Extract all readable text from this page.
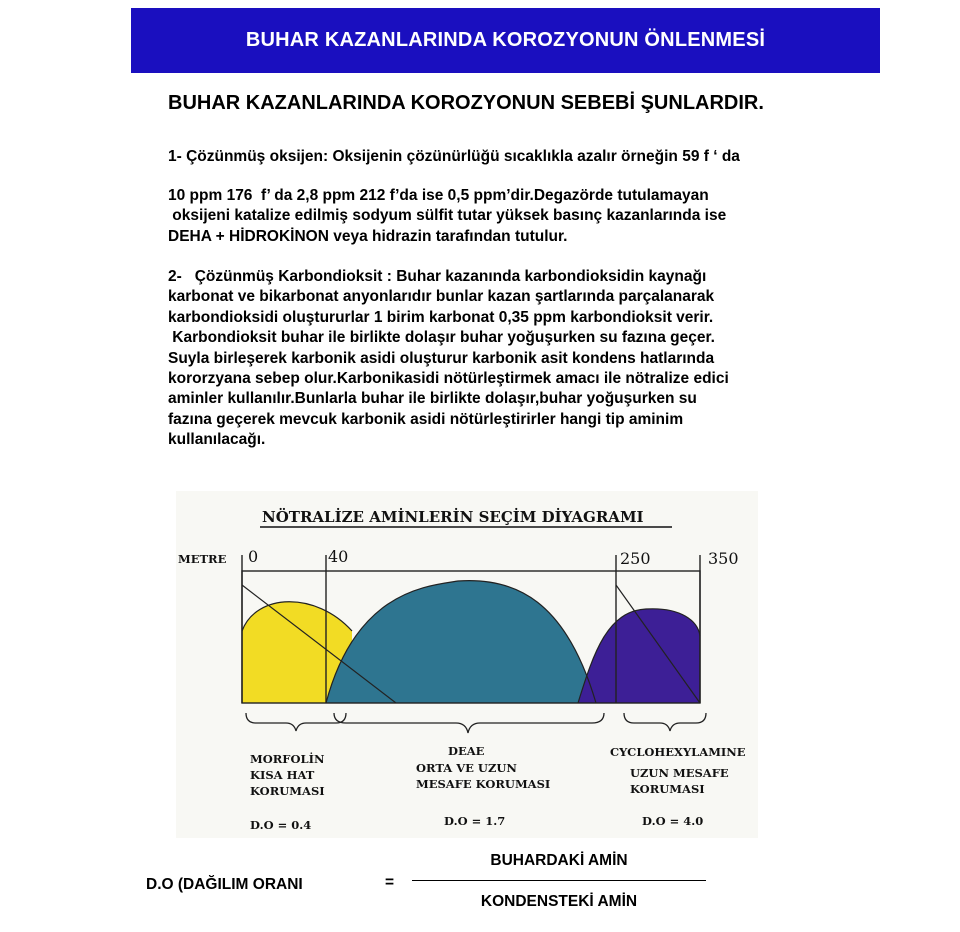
BUHAR KAZANLARINDA KOROZYONUN ÖNLENMESİ
BUHAR KAZANLARINDA KOROZYONUN SEBEBİ ŞUNLARDIR.
1- Çözünmüş oksijen: Oksijenin çözünürlüğü sıcaklıkla azalır örneğin 59 f ‘ da
10 ppm 176  f’ da 2,8 ppm 212 f’da ise 0,5 ppm’dir.Degazörde tutulamayan
oksijeni katalize edilmiş sodyum sülfit tutar yüksek basınç kazanlarında ise
DEHA + HİDROKİNON veya hidrazin tarafından tutulur.
2-   Çözünmüş Karbondioksit : Buhar kazanında karbondioksidin kaynağı
karbonat ve bikarbonat anyonlarıdır bunlar kazan şartlarında parçalanarak
karbondioksidi oluştururlar 1 birim karbonat 0,35 ppm karbondioksit verir.
Karbondioksit buhar ile birlikte dolaşır buhar yoğuşurken su fazına geçer.
Suyla birleşerek karbonik asidi oluşturur karbonik asit kondens hatlarında
kororzyana sebep olur.Karbonikasidi nötürleştirmek amacı ile nötralize edici
aminler kullanılır.Bunlarla buhar ile birlikte dolaşır,buhar yoğuşurken su
fazına geçerek mevcuk karbonik asidi nötürleştirirler hangi tip aminim
kullanılacağı.
NÖTRALİZE AMİNLERİN SEÇİM DİYAGRAMI
METRE 0	40	250	350
MORFOLİN
KISA HAT
KORUMASI
D.O = 0.4
DEAE
ORTA VE UZUN
MESAFE KORUMASI
D.O = 1.7
CYCLOHEXYLAMINE
UZUN MESAFE
KORUMASI
D.O = 4.0
D.O (DAĞILIM ORANI	=
BUHARDAKİ AMİN
KONDENSTEKİ AMİN
